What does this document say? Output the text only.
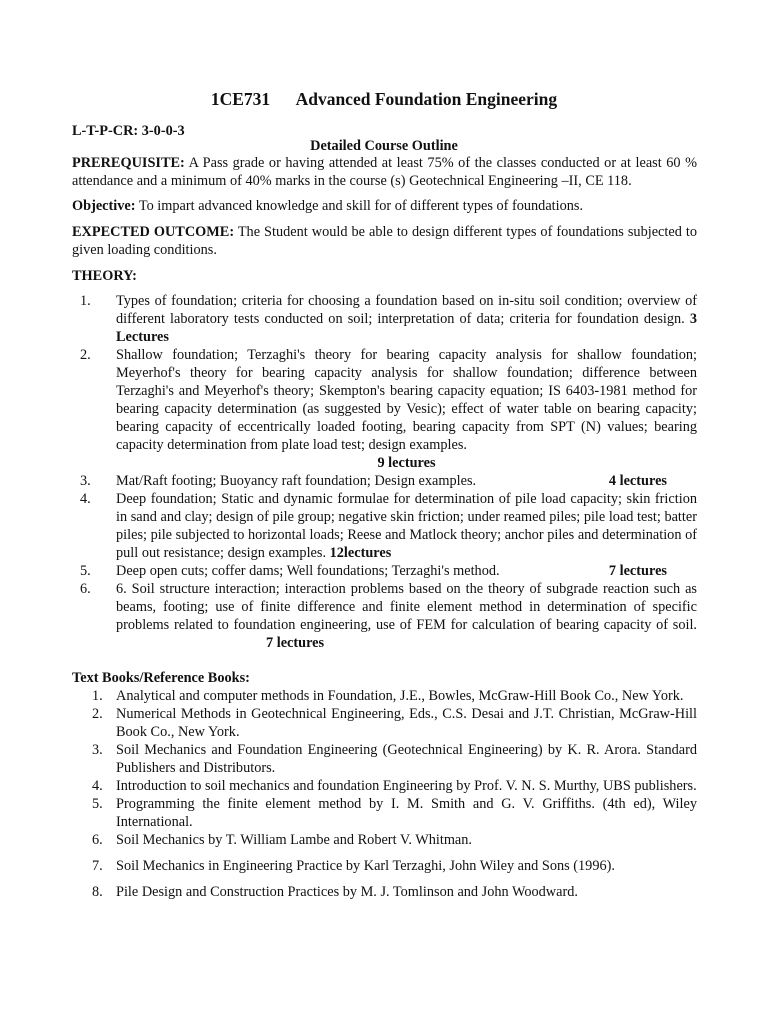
1CE731 Advanced Foundation Engineering
L-T-P-CR: 3-0-0-3
Detailed Course Outline
PREREQUISITE: A Pass grade or having attended at least 75% of the classes conducted or at least 60 % attendance and a minimum of 40% marks in the course (s) Geotechnical Engineering –II, CE 118.
Objective: To impart advanced knowledge and skill for of different types of foundations.
EXPECTED OUTCOME: The Student would be able to design different types of foundations subjected to given loading conditions.
THEORY:
1. Types of foundation; criteria for choosing a foundation based on in-situ soil condition; overview of different laboratory tests conducted on soil; interpretation of data; criteria for foundation design. 3 Lectures
2. Shallow foundation; Terzaghi's theory for bearing capacity analysis for shallow foundation; Meyerhof's theory for bearing capacity analysis for shallow foundation; difference between Terzaghi's and Meyerhof's theory; Skempton's bearing capacity equation; IS 6403-1981 method for bearing capacity determination (as suggested by Vesic); effect of water table on bearing capacity; bearing capacity of eccentrically loaded footing, bearing capacity from SPT (N) values; bearing capacity determination from plate load test; design examples.
9 lectures
3.	4 lectures
Mat/Raft footing; Buoyancy raft foundation; Design examples.
4. Deep foundation; Static and dynamic formulae for determination of pile load capacity; skin friction in sand and clay; design of pile group; negative skin friction; under reamed piles; pile load test; batter piles; pile subjected to horizontal loads; Reese and Matlock theory; anchor piles and determination of pull out resistance; design examples. 12lectures
5.	7 lectures
Deep open cuts; coffer dams; Well foundations; Terzaghi's method.
6. 6. Soil structure interaction; interaction problems based on the theory of subgrade reaction such as beams, footing; use of finite difference and finite element method in determination of specific problems related to foundation engineering, use of FEM for calculation of bearing capacity of soil. 7 lectures
Text Books/Reference Books:
1. Analytical and computer methods in Foundation, J.E., Bowles, McGraw-Hill Book Co., New York.
2. Numerical Methods in Geotechnical Engineering, Eds., C.S. Desai and J.T. Christian, McGraw-Hill Book Co., New York.
3. Soil Mechanics and Foundation Engineering (Geotechnical Engineering) by K. R. Arora. Standard Publishers and Distributors.
4. Introduction to soil mechanics and foundation Engineering by Prof. V. N. S. Murthy, UBS publishers.
5. Programming the finite element method by I. M. Smith and G. V. Griffiths. (4th ed), Wiley International.
6. Soil Mechanics by T. William Lambe and Robert V. Whitman.
7. Soil Mechanics in Engineering Practice by Karl Terzaghi, John Wiley and Sons (1996).
8. Pile Design and Construction Practices by M. J. Tomlinson and John Woodward.
